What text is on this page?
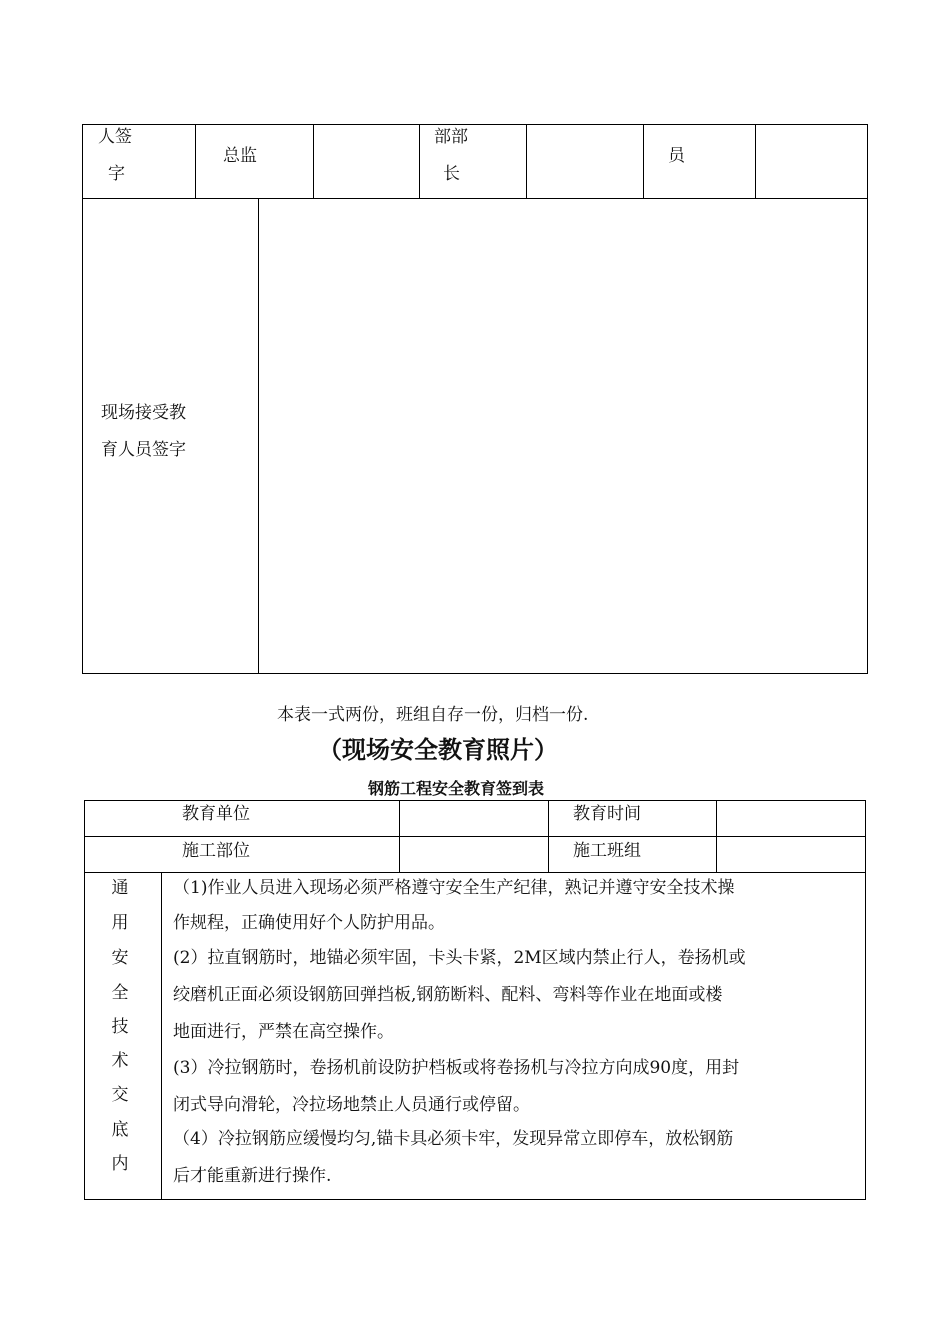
人签
字
总监
部部
长
员
现场接受教
育人员签字
本表一式两份，班组自存一份，归档一份.
（现场安全教育照片）
钢筋工程安全教育签到表
教育单位	教育时间
施工部位	施工班组
通
用
安
全
技
术
交
底
内
（1)作业人员进入现场必须严格遵守安全生产纪律，熟记并遵守安全技术操
作规程，正确使用好个人防护用品。
(2）拉直钢筋时，地锚必须牢固，卡头卡紧，2M区域内禁止行人，卷扬机或
绞磨机正面必须设钢筋回弹挡板,钢筋断料、配料、弯料等作业在地面或楼
地面进行，严禁在高空操作。
(3）冷拉钢筋时，卷扬机前设防护档板或将卷扬机与冷拉方向成90度，用封
闭式导向滑轮，冷拉场地禁止人员通行或停留。
（4）冷拉钢筋应缓慢均匀,锚卡具必须卡牢，发现异常立即停车，放松钢筋
后才能重新进行操作.
